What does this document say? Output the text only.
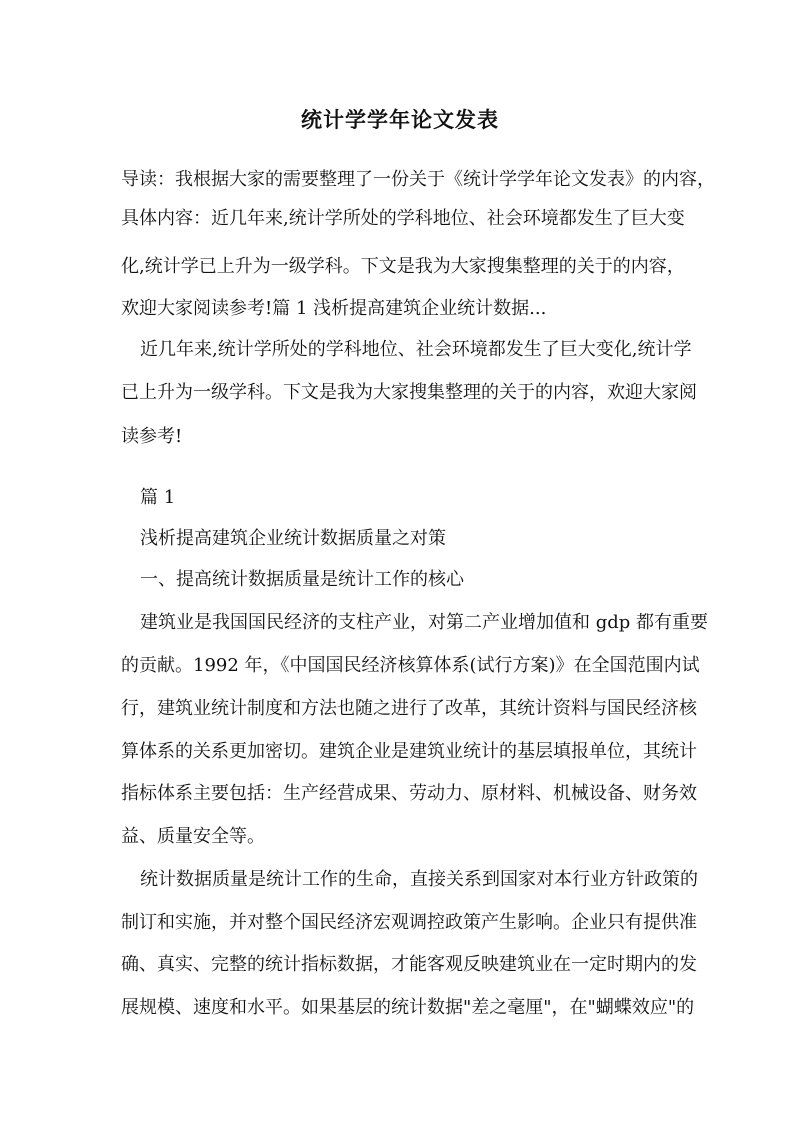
统计学学年论文发表
导读：我根据大家的需要整理了一份关于《统计学学年论文发表》的内容，
具体内容：近几年来,统计学所处的学科地位、社会环境都发生了巨大变
化,统计学已上升为一级学科。下文是我为大家搜集整理的关于的内容，
欢迎大家阅读参考!篇 1 浅析提高建筑企业统计数据...
近几年来,统计学所处的学科地位、社会环境都发生了巨大变化,统计学
已上升为一级学科。下文是我为大家搜集整理的关于的内容，欢迎大家阅
读参考!
篇 1
浅析提高建筑企业统计数据质量之对策
一、提高统计数据质量是统计工作的核心
建筑业是我国国民经济的支柱产业，对第二产业增加值和 gdp 都有重要
的贡献。1992 年，《中国国民经济核算体系(试行方案)》在全国范围内试
行，建筑业统计制度和方法也随之进行了改革，其统计资料与国民经济核
算体系的关系更加密切。建筑企业是建筑业统计的基层填报单位，其统计
指标体系主要包括：生产经营成果、劳动力、原材料、机械设备、财务效
益、质量安全等。
统计数据质量是统计工作的生命，直接关系到国家对本行业方针政策的
制订和实施，并对整个国民经济宏观调控政策产生影响。企业只有提供准
确、真实、完整的统计指标数据，才能客观反映建筑业在一定时期内的发
展规模、速度和水平。如果基层的统计数据"差之毫厘"，在"蝴蝶效应"的
